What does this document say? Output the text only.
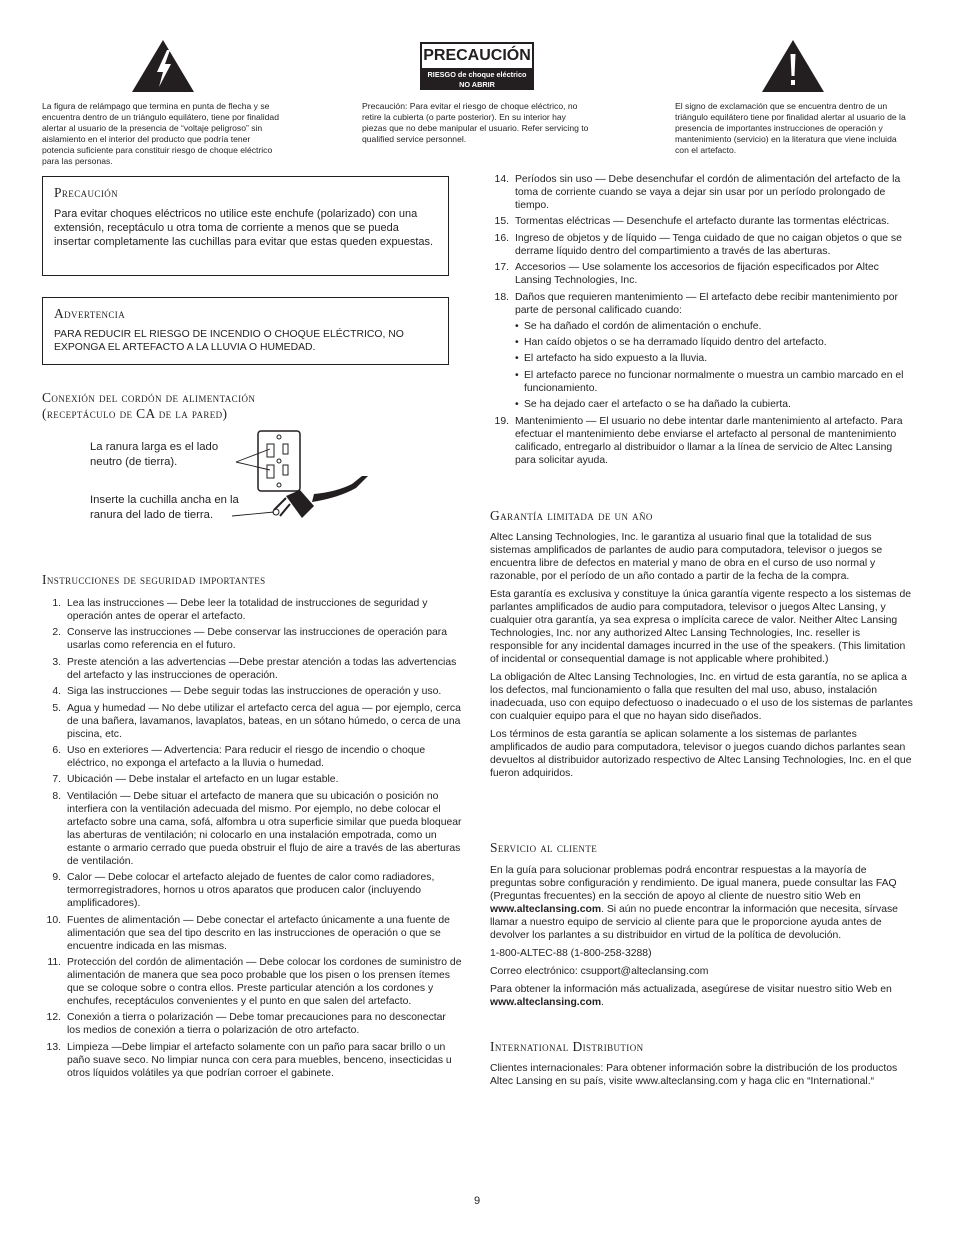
PRECAUCIÓN
RIESGO de choque eléctrico
NO ABRIR
La figura de relámpago que termina en punta de flecha y se encuentra dentro de un triángulo equilátero, tiene por finalidad alertar al usuario de la presencia de “voltaje peligroso” sin aislamiento en el interior del producto que podría tener potencia suficiente para constituir riesgo de choque eléctrico para las personas.
Precaución: Para evitar el riesgo de choque eléctrico, no retire la cubierta (o parte posterior). En su interior hay piezas que no debe manipular el usuario. Refer servicing to qualified service personnel.
El signo de exclamación que se encuentra dentro de un triángulo equilátero tiene por finalidad alertar al usuario de la presencia de importantes instrucciones de operación y mantenimiento (servicio) en la literatura que viene incluida con el artefacto.
Precaución
Para evitar choques eléctricos no utilice este enchufe (polarizado) con una extensión, receptáculo u otra toma de corriente a menos que se pueda insertar completamente las cuchillas para evitar que estas queden expuestas.
Advertencia
PARA REDUCIR EL RIESGO DE INCENDIO O CHOQUE ELÉCTRICO, NO EXPONGA EL ARTEFACTO A LA LLUVIA O HUMEDAD.
Conexión del cordón de alimentación
(receptáculo de CA de la pared)
La ranura larga es el lado neutro (de tierra).
Inserte la cuchilla ancha en la ranura del lado de tierra.
Instrucciones de seguridad importantes
1. Lea las instrucciones — Debe leer la totalidad de instrucciones de seguridad y operación antes de operar el artefacto.
2. Conserve las instrucciones — Debe conservar las instrucciones de operación para usarlas como referencia en el futuro.
3. Preste atención a las advertencias —Debe prestar atención a todas las advertencias del artefacto y las instrucciones de operación.
4. Siga las instrucciones — Debe seguir todas las instrucciones de operación y uso.
5. Agua y humedad — No debe utilizar el artefacto cerca del agua — por ejemplo, cerca de una bañera, lavamanos, lavaplatos, bateas, en un sótano húmedo, o cerca de una piscina, etc.
6. Uso en exteriores — Advertencia: Para reducir el riesgo de incendio o choque eléctrico, no exponga el artefacto a la lluvia o humedad.
7. Ubicación — Debe instalar el artefacto en un lugar estable.
8. Ventilación — Debe situar el artefacto de manera que su ubicación o posición no interfiera con la ventilación adecuada del mismo. Por ejemplo, no debe colocar el artefacto sobre una cama, sofá, alfombra u otra superficie similar que pueda bloquear las aberturas de ventilación; ni colocarlo en una instalación empotrada, como un estante o armario cerrado que pueda obstruir el flujo de aire a través de las aberturas de ventilación.
9. Calor — Debe colocar el artefacto alejado de fuentes de calor como radiadores, termorregistradores, hornos u otros aparatos que producen calor (incluyendo amplificadores).
10. Fuentes de alimentación — Debe conectar el artefacto únicamente a una fuente de alimentación que sea del tipo descrito en las instrucciones de operación o que se encuentre indicada en las mismas.
11. Protección del cordón de alimentación — Debe colocar los cordones de suministro de alimentación de manera que sea poco probable que los pisen o los prensen ítemes que se coloque sobre o contra ellos. Preste particular atención a los cordones y enchufes, receptáculos convenientes y el punto en que salen del artefacto.
12. Conexión a tierra o polarización — Debe tomar precauciones para no desconectar los medios de conexión a tierra o polarización de otro artefacto.
13. Limpieza —Debe limpiar el artefacto solamente con un paño para sacar brillo o un paño suave seco. No limpiar nunca con cera para muebles, benceno, insecticidas u otros líquidos volátiles ya que podrían corroer el gabinete.
14. Períodos sin uso — Debe desenchufar el cordón de alimentación del artefacto de la toma de corriente cuando se vaya a dejar sin usar por un período prolongado de tiempo.
15. Tormentas eléctricas — Desenchufe el artefacto durante las tormentas eléctricas.
16. Ingreso de objetos y de líquido — Tenga cuidado de que no caigan objetos o que se derrame líquido dentro del compartimiento a través de las aberturas.
17. Accesorios — Use solamente los accesorios de fijación especificados por Altec Lansing Technologies, Inc.
18. Daños que requieren mantenimiento — El artefacto debe recibir mantenimiento por parte de personal calificado cuando:
• Se ha dañado el cordón de alimentación o enchufe.
• Han caído objetos o se ha derramado líquido dentro del artefacto.
• El artefacto ha sido expuesto a la lluvia.
• El artefacto parece no funcionar normalmente o muestra un cambio marcado en el funcionamiento.
• Se ha dejado caer el artefacto o se ha dañado la cubierta.
19. Mantenimiento — El usuario no debe intentar darle mantenimiento al artefacto. Para efectuar el mantenimiento debe enviarse el artefacto al personal de mantenimiento calificado, entregarlo al distribuidor o llamar a la línea de servicio de Altec Lansing para solicitar ayuda.
Garantía limitada de un año

Altec Lansing Technologies, Inc. le garantiza al usuario final que la totalidad de sus sistemas amplificados de parlantes de audio para computadora, televisor o juegos se encuentra libre de defectos en material y mano de obra en el curso de uso normal y razonable, por el período de un año contado a partir de la fecha de la compra.

Esta garantía es exclusiva y constituye la única garantía vigente respecto a los sistemas de parlantes amplificados de audio para computadora, televisor o juegos Altec Lansing, y cualquier otra garantía, ya sea expresa o implícita carece de valor. Neither Altec Lansing Technologies, Inc. nor any authorized Altec Lansing Technologies, Inc. reseller is responsible for any incidental damages incurred in the use of the speakers. (This limitation of incidental or consequential damage is not applicable where prohibited.)

La obligación de Altec Lansing Technologies, Inc. en virtud de esta garantía, no se aplica a los defectos, mal funcionamiento o falla que resulten del mal uso, abuso, instalación inadecuada, uso con equipo defectuoso o inadecuado o el uso de los sistemas de parlantes con cualquier equipo para el que no hayan sido diseñados.

Los términos de esta garantía se aplican solamente a los sistemas de parlantes amplificados de audio para computadora, televisor o juegos cuando dichos parlantes sean devueltos al distribuidor autorizado respectivo de Altec Lansing Technologies, Inc. en el que fueron adquiridos.

Servicio al cliente

En la guía para solucionar problemas podrá encontrar respuestas a la mayoría de preguntas sobre configuración y rendimiento. De igual manera, puede consultar las FAQ (Preguntas frecuentes) en la sección de apoyo al cliente de nuestro sitio Web en www.alteclansing.com. Si aún no puede encontrar la información que necesita, sírvase llamar a nuestro equipo de servicio al cliente para que le proporcione ayuda antes de devolver los parlantes a su distribuidor en virtud de la política de devolución.

1-800-ALTEC-88 (1-800-258-3288)

Correo electrónico: csupport@alteclansing.com

Para obtener la información más actualizada, asegúrese de visitar nuestro sitio Web en www.alteclansing.com.

International Distribution
Clientes internacionales: Para obtener información sobre la distribución de los productos Altec Lansing en su país, visite www.alteclansing.com y haga clic en “International.“
9
